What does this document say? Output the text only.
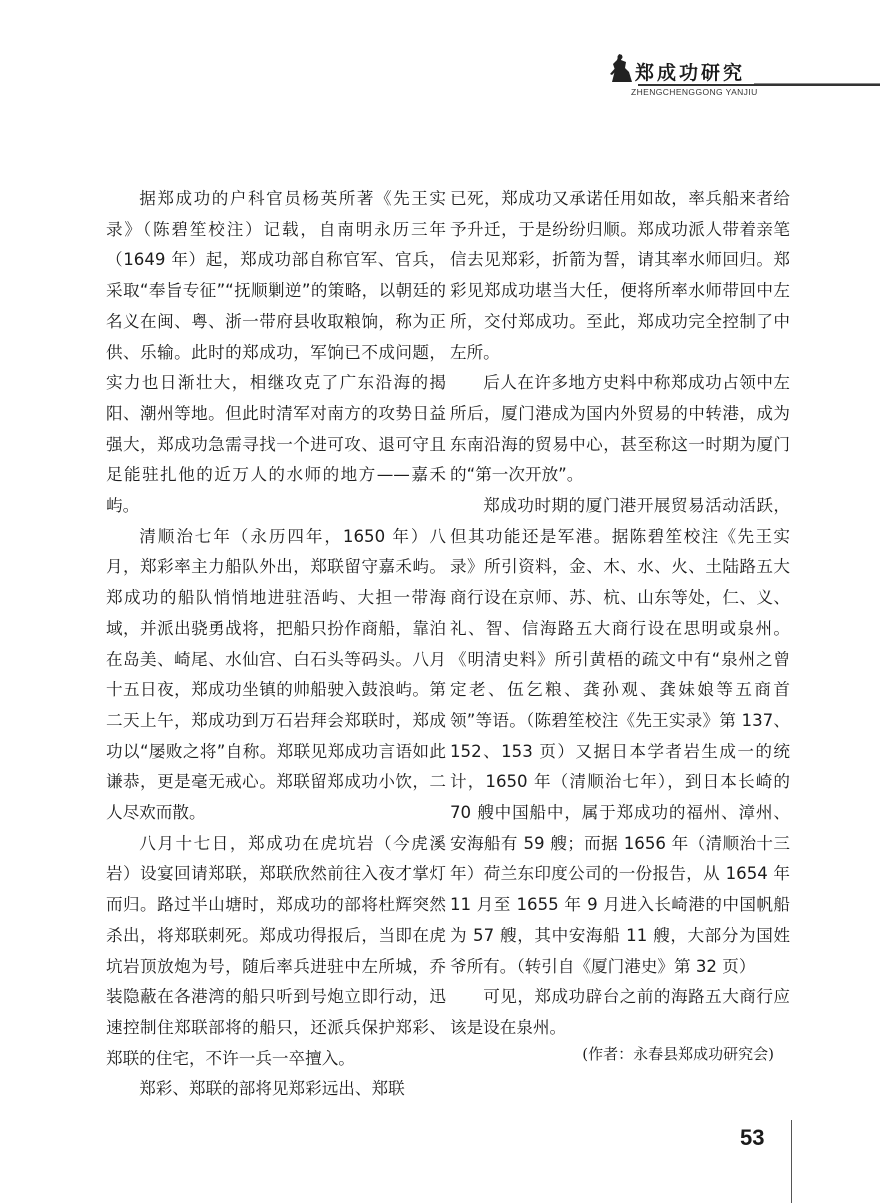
郑成功研究
ZHENGCHENGGONG YANJIU

据郑成功的户科官员杨英所著《先王实录》（陈碧笙校注）记载，自南明永历三年（1649 年）起，郑成功部自称官军、官兵，采取“奉旨专征”“抚顺剿逆”的策略，以朝廷的名义在闽、粤、浙一带府县收取粮饷，称为正供、乐输。此时的郑成功，军饷已不成问题，实力也日渐壮大，相继攻克了广东沿海的揭阳、潮州等地。但此时清军对南方的攻势日益强大，郑成功急需寻找一个进可攻、退可守且足能驻扎他的近万人的水师的地方——嘉禾屿。

清顺治七年（永历四年，1650 年）八月，郑彩率主力船队外出，郑联留守嘉禾屿。郑成功的船队悄悄地进驻浯屿、大担一带海域，并派出骁勇战将，把船只扮作商船，靠泊在岛美、崎尾、水仙宫、白石头等码头。八月十五日夜，郑成功坐镇的帅船驶入鼓浪屿。第二天上午，郑成功到万石岩拜会郑联时，郑成功以“屡败之将”自称。郑联见郑成功言语如此谦恭，更是毫无戒心。郑联留郑成功小饮，二人尽欢而散。

八月十七日，郑成功在虎坑岩（今虎溪岩）设宴回请郑联，郑联欣然前往入夜才掌灯而归。路过半山塘时，郑成功的部将杜辉突然杀出，将郑联刺死。郑成功得报后，当即在虎坑岩顶放炮为号，随后率兵进驻中左所城，乔装隐蔽在各港湾的船只听到号炮立即行动，迅速控制住郑联部将的船只，还派兵保护郑彩、郑联的住宅，不许一兵一卒擅入。

郑彩、郑联的部将见郑彩远出、郑联

已死，郑成功又承诺任用如故，率兵船来者给予升迁，于是纷纷归顺。郑成功派人带着亲笔信去见郑彩，折箭为誓，请其率水师回归。郑彩见郑成功堪当大任，便将所率水师带回中左所，交付郑成功。至此，郑成功完全控制了中左所。

后人在许多地方史料中称郑成功占领中左所后，厦门港成为国内外贸易的中转港，成为东南沿海的贸易中心，甚至称这一时期为厦门的“第一次开放”。

郑成功时期的厦门港开展贸易活动活跃，但其功能还是军港。据陈碧笙校注《先王实录》所引资料，金、木、水、火、土陆路五大商行设在京师、苏、杭、山东等处，仁、义、礼、智、信海路五大商行设在思明或泉州。《明清史料》所引黄梧的疏文中有“泉州之曾定老、伍乞粮、龚孙观、龚妹娘等五商首领”等语。（陈碧笙校注《先王实录》第 137、152、153 页）又据日本学者岩生成一的统计，1650 年（清顺治七年），到日本长崎的 70 艘中国船中，属于郑成功的福州、漳州、安海船有 59 艘；而据 1656 年（清顺治十三年）荷兰东印度公司的一份报告，从 1654 年 11 月至 1655 年 9 月进入长崎港的中国帆船为 57 艘，其中安海船 11 艘，大部分为国姓爷所有。（转引自《厦门港史》第 32 页）

可见，郑成功辟台之前的海路五大商行应该是设在泉州。

(作者：永春县郑成功研究会)
53
